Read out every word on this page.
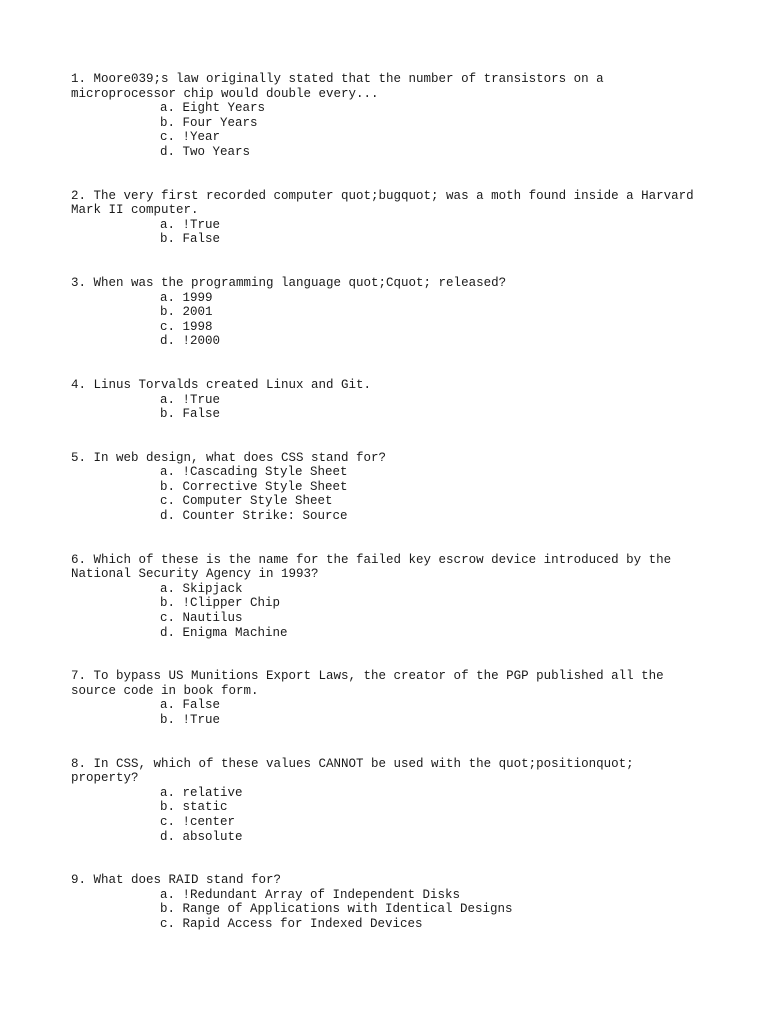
1. Moore039;s law originally stated that the number of transistors on a
microprocessor chip would double every...

a. Eight Years
b. Four Years
c. !Year
d. Two Years

2. The very first recorded computer quot;bugquot; was a moth found inside a Harvard
Mark II computer.

a. !True
b. False

3. When was the programming language quot;Cquot; released?

a. 1999
b. 2001
c. 1998
d. !2000

4. Linus Torvalds created Linux and Git.

a. !True
b. False

5. In web design, what does CSS stand for?

a. !Cascading Style Sheet
b. Corrective Style Sheet
c. Computer Style Sheet
d. Counter Strike: Source

6. Which of these is the name for the failed key escrow device introduced by the
National Security Agency in 1993?

a. Skipjack
b. !Clipper Chip
c. Nautilus
d. Enigma Machine

7. To bypass US Munitions Export Laws, the creator of the PGP published all the
source code in book form.

a. False
b. !True

8. In CSS, which of these values CANNOT be used with the quot;positionquot;
property?

a. relative
b. static
c. !center
d. absolute

9. What does RAID stand for?

a. !Redundant Array of Independent Disks
b. Range of Applications with Identical Designs
c. Rapid Access for Indexed Devices
